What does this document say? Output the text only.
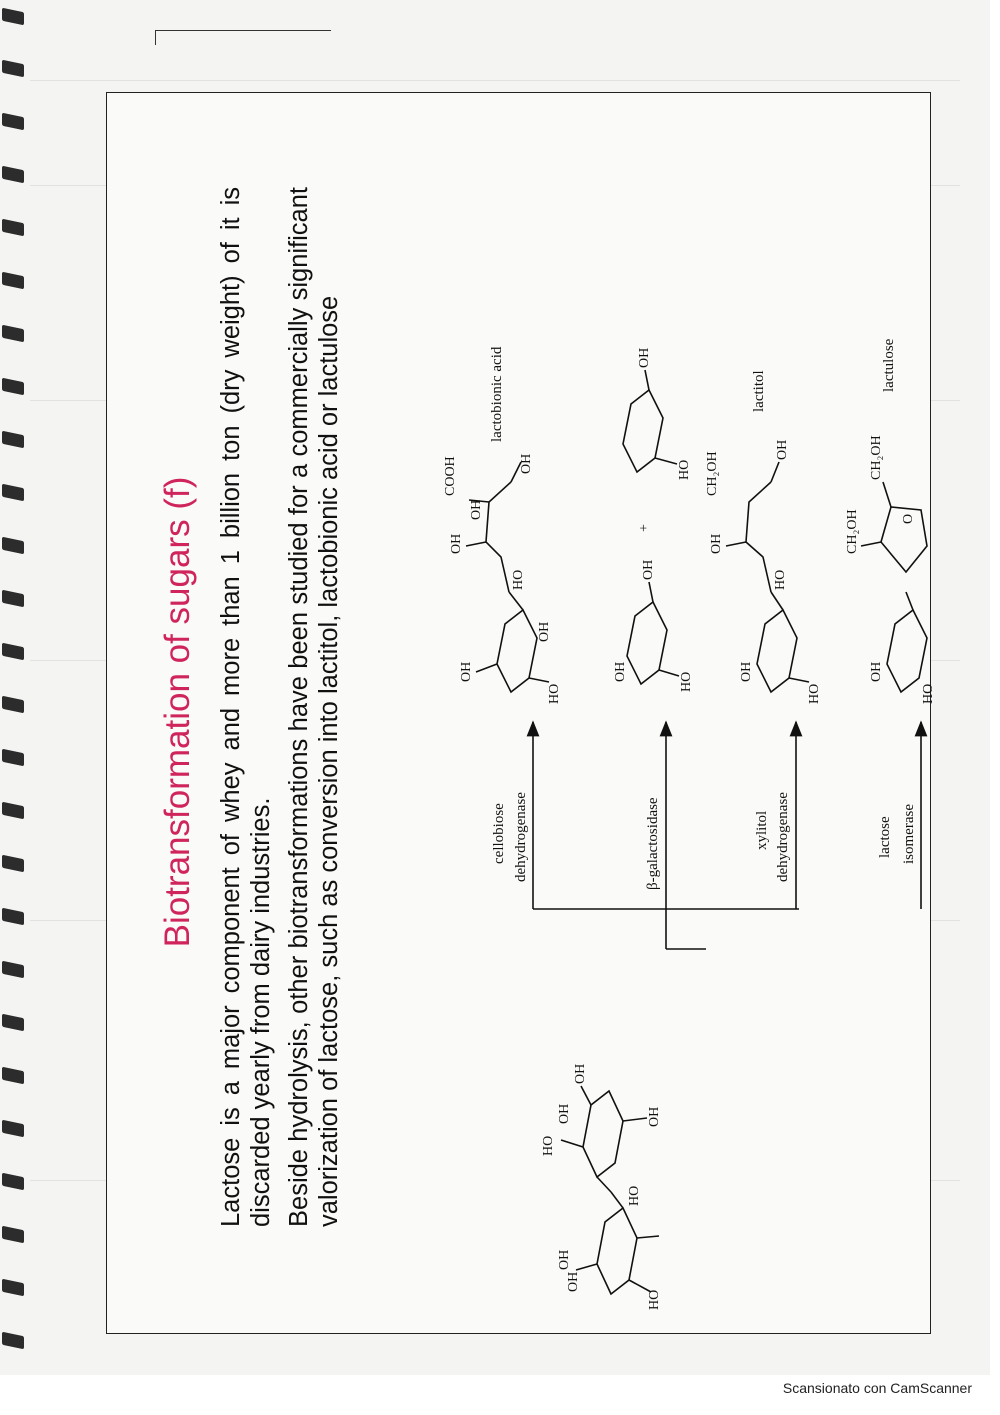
Biotransformation of sugars (f) Lactose is a major component of whey and more than 1 billion ton (dry weight) of it is discarded yearly from dairy industries. Beside hydrolysis, other biotransformations have been studied for a commercially significant valorization of lactose, such as conversion into lactitol, lactobionic acid or lactulose

HO
OH
OH
HO
HO
OH	OH
OH
cellobiose dehydrogenase	β-galactosidase	xylitol dehydrogenase	lactose isomerase
HO
OH
OH
HO
OH
OH
COOH	OH
lactobionic acid
HO
OH
OH
+
HO
OH
HO
OH
HO
OH
CH₂OH
OH
lactitol
HO
OH
CH₂OH	O
CH₂OH
lactulose
Scansionato con CamScanner
